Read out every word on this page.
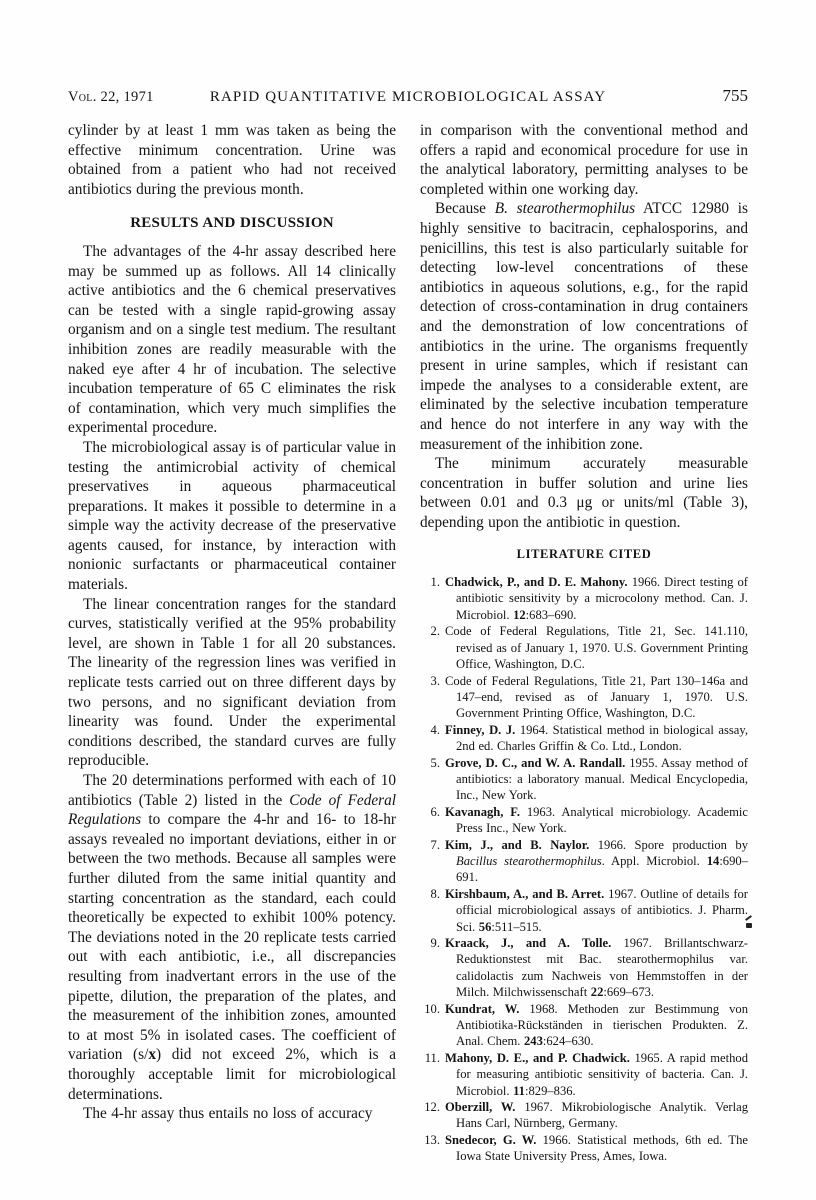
Vol. 22, 1971	RAPID QUANTITATIVE MICROBIOLOGICAL ASSAY	755

cylinder by at least 1 mm was taken as being the effective minimum concentration. Urine was obtained from a patient who had not received antibiotics during the previous month.

RESULTS AND DISCUSSION

The advantages of the 4-hr assay described here may be summed up as follows. All 14 clinically active antibiotics and the 6 chemical preservatives can be tested with a single rapid-growing assay organism and on a single test medium. The resultant inhibition zones are readily measurable with the naked eye after 4 hr of incubation. The selective incubation temperature of 65 C eliminates the risk of contamination, which very much simplifies the experimental procedure.

The microbiological assay is of particular value in testing the antimicrobial activity of chemical preservatives in aqueous pharmaceutical preparations. It makes it possible to determine in a simple way the activity decrease of the preservative agents caused, for instance, by interaction with nonionic surfactants or pharmaceutical container materials.

The linear concentration ranges for the standard curves, statistically verified at the 95% probability level, are shown in Table 1 for all 20 substances. The linearity of the regression lines was verified in replicate tests carried out on three different days by two persons, and no significant deviation from linearity was found. Under the experimental conditions described, the standard curves are fully reproducible.

The 20 determinations performed with each of 10 antibiotics (Table 2) listed in the Code of Federal Regulations to compare the 4-hr and 16- to 18-hr assays revealed no important deviations, either in or between the two methods. Because all samples were further diluted from the same initial quantity and starting concentration as the standard, each could theoretically be expected to exhibit 100% potency. The deviations noted in the 20 replicate tests carried out with each antibiotic, i.e., all discrepancies resulting from inadvertant errors in the use of the pipette, dilution, the preparation of the plates, and the measurement of the inhibition zones, amounted to at most 5% in isolated cases. The coefficient of variation (s/x) did not exceed 2%, which is a thoroughly acceptable limit for microbiological determinations.

The 4-hr assay thus entails no loss of accuracy

in comparison with the conventional method and offers a rapid and economical procedure for use in the analytical laboratory, permitting analyses to be completed within one working day.

Because B. stearothermophilus ATCC 12980 is highly sensitive to bacitracin, cephalosporins, and penicillins, this test is also particularly suitable for detecting low-level concentrations of these antibiotics in aqueous solutions, e.g., for the rapid detection of cross-contamination in drug containers and the demonstration of low concentrations of antibiotics in the urine. The organisms frequently present in urine samples, which if resistant can impede the analyses to a considerable extent, are eliminated by the selective incubation temperature and hence do not interfere in any way with the measurement of the inhibition zone.

The minimum accurately measurable concentration in buffer solution and urine lies between 0.01 and 0.3 μg or units/ml (Table 3), depending upon the antibiotic in question.

LITERATURE CITED

1. Chadwick, P., and D. E. Mahony. 1966. Direct testing of antibiotic sensitivity by a microcolony method. Can. J. Microbiol. 12:683–690.

2. Code of Federal Regulations, Title 21, Sec. 141.110, revised as of January 1, 1970. U.S. Government Printing Office, Washington, D.C.

3. Code of Federal Regulations, Title 21, Part 130–146a and 147–end, revised as of January 1, 1970. U.S. Government Printing Office, Washington, D.C.

4. Finney, D. J. 1964. Statistical method in biological assay, 2nd ed. Charles Griffin & Co. Ltd., London.

5. Grove, D. C., and W. A. Randall. 1955. Assay method of antibiotics: a laboratory manual. Medical Encyclopedia, Inc., New York.

6. Kavanagh, F. 1963. Analytical microbiology. Academic Press Inc., New York.

7. Kim, J., and B. Naylor. 1966. Spore production by Bacillus stearothermophilus. Appl. Microbiol. 14:690–691.

8. Kirshbaum, A., and B. Arret. 1967. Outline of details for official microbiological assays of antibiotics. J. Pharm. Sci. 56:511–515.

9. Kraack, J., and A. Tolle. 1967. Brillantschwarz-Reduktionstest mit Bac. stearothermophilus var. calidolactis zum Nachweis von Hemmstoffen in der Milch. Milchwissenschaft 22:669–673.

10. Kundrat, W. 1968. Methoden zur Bestimmung von Antibiotika-Rückständen in tierischen Produkten. Z. Anal. Chem. 243:624–630.

11. Mahony, D. E., and P. Chadwick. 1965. A rapid method for measuring antibiotic sensitivity of bacteria. Can. J. Microbiol. 11:829–836.

12. Oberzill, W. 1967. Mikrobiologische Analytik. Verlag Hans Carl, Nürnberg, Germany.

13. Snedecor, G. W. 1966. Statistical methods, 6th ed. The Iowa State University Press, Ames, Iowa.
